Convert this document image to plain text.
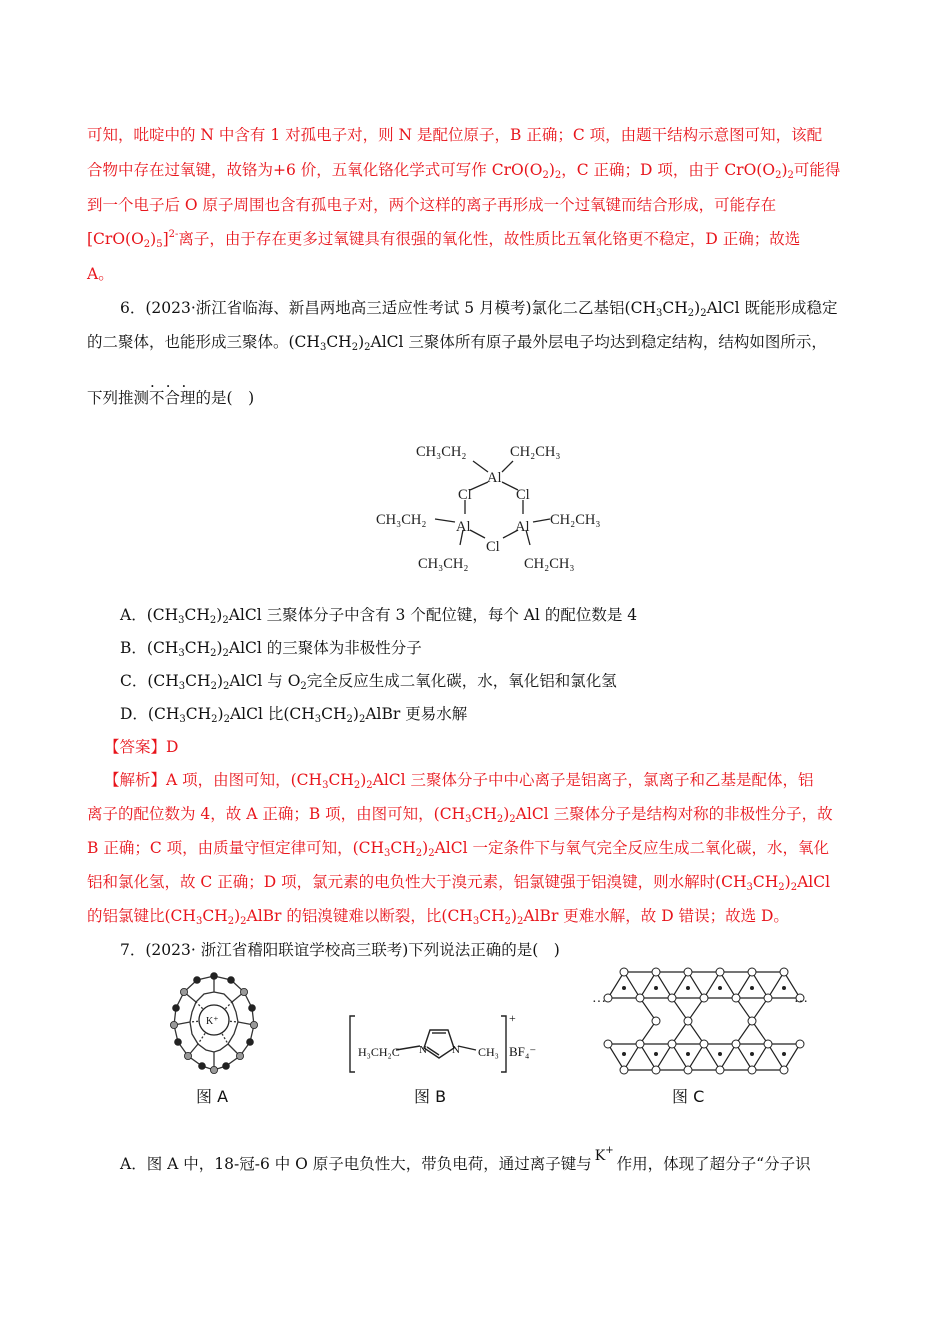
可知，吡啶中的 N 中含有 1 对孤电子对，则 N 是配位原子，B 正确；C 项，由题干结构示意图可知，该配
合物中存在过氧键，故铬为+6 价，五氧化铬化学式可写作 $CrO(O_2)_2$，C 正确；D 项，由于 $CrO(O_2)_2$可能得
到一个电子后 O 原子周围也含有孤电子对，两个这样的离子再形成一个过氧键而结合形成，可能存在
$[CrO(O_2)_5]^{2-}$离子，由于存在更多过氧键具有很强的氧化性，故性质比五氧化铬更不稳定，D 正确；故选
A。
6．(2023·浙江省临海、新昌两地高三适应性考试 5 月模考)氯化二乙基铝$(CH_3CH_2)_2AlCl$ 既能形成稳定
的二聚体，也能形成三聚体。$(CH_3CH_2)_2AlCl$ 三聚体所有原子最外层电子均达到稳定结构，结构如图所示，
下列推测· · · 不合理的是(　)
CH₃CH₂	CH₂CH₃
Al
Cl	Cl
CH₃CH₂ Al	Al CH₂CH₃
Cl
CH₃CH₂	CH₂CH₃
A．$(CH_3CH_2)_2AlCl$ 三聚体分子中含有 3 个配位键，每个 Al 的配位数是 4
B．$(CH_3CH_2)_2AlCl$ 的三聚体为非极性分子
C．$(CH_3CH_2)_2AlCl$ 与 $O_2$完全反应生成二氧化碳，水，氧化铝和氯化氢
D．$(CH_3CH_2)_2AlCl$ 比$(CH_3CH_2)_2AlBr$ 更易水解
【答案】D
【解析】A 项，由图可知，$(CH_3CH_2)_2AlCl$ 三聚体分子中中心离子是铝离子，氯离子和乙基是配体，铝
离子的配位数为 4，故 A 正确；B 项，由图可知，$(CH_3CH_2)_2AlCl$ 三聚体分子是结构对称的非极性分子，故
B 正确；C 项，由质量守恒定律可知，$(CH_3CH_2)_2AlCl$ 一定条件下与氧气完全反应生成二氧化碳，水，氧化
铝和氯化氢，故 C 正确；D 项，氯元素的电负性大于溴元素，铝氯键强于铝溴键，则水解时$(CH_3CH_2)_2AlCl$
的铝氯键比$(CH_3CH_2)_2AlBr$ 的铝溴键难以断裂，比$(CH_3CH_2)_2AlBr$ 更难水解，故 D 错误；故选 D。
7．(2023· 浙江省稽阳联谊学校高三联考)下列说法正确的是(　)
K⁺
图 A
H₃CH₂C N N CH₃
+
BF₄⁻
图 B
···	···
图 C
A．图 A 中，18-冠-6 中 O 原子电负性大，带负电荷，通过离子键与 K+作用，体现了超分子“分子识
